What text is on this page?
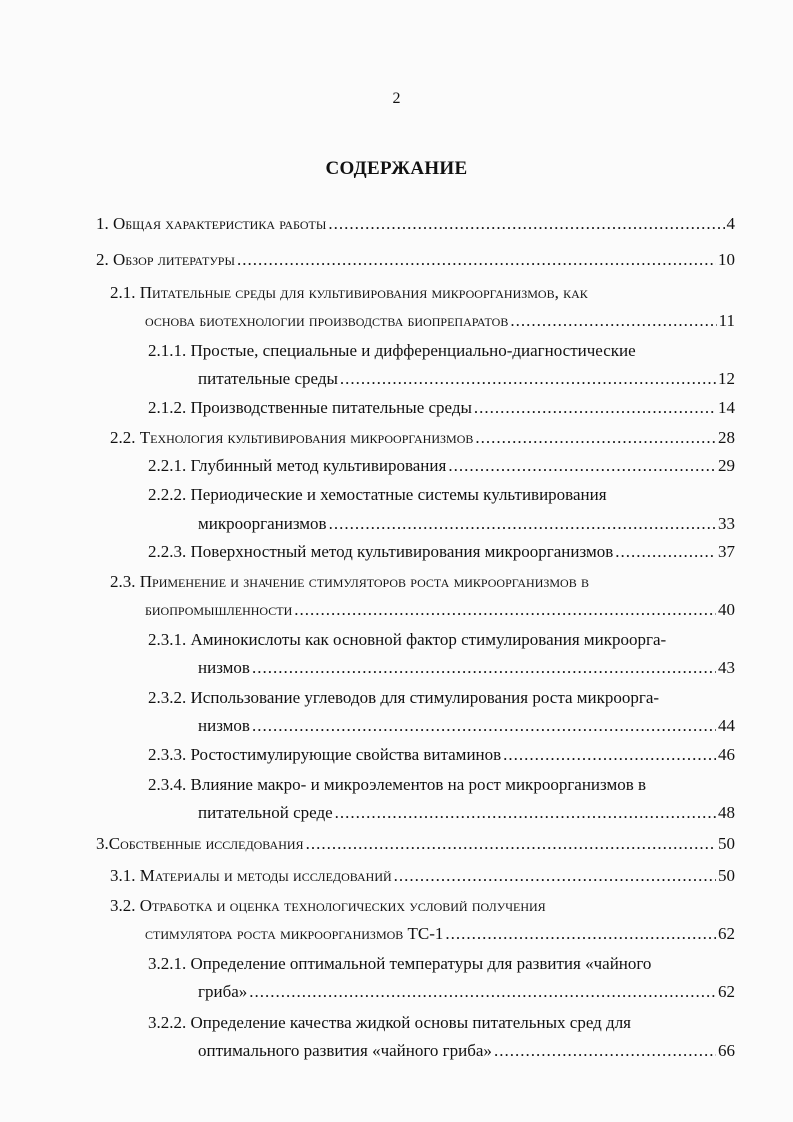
2
СОДЕРЖАНИЕ
1. Общая характеристика работы .....	4
2. Обзор литературы .....	10
2.1. Питательные среды для культивирования микроорганизмов, как
основа биотехнологии производства биопрепаратов .....	11
2.1.1. Простые, специальные и дифференциально-диагностические
питательные среды .....	12
2.1.2. Производственные питательные среды .....	14
2.2. Технология культивирования микроорганизмов .....	28
2.2.1. Глубинный метод культивирования .....	29
2.2.2. Периодические и хемостатные системы культивирования
микроорганизмов .....	33
2.2.3. Поверхностный метод культивирования микроорганизмов .....	37
2.3. Применение и значение стимуляторов роста микроорганизмов в
биопромышленности .....	40
2.3.1. Аминокислоты как основной фактор стимулирования микроорга-
низмов .....	43
2.3.2. Использование углеводов для стимулирования роста микроорга-
низмов .....	44
2.3.3. Ростостимулирующие свойства витаминов .....	46
2.3.4. Влияние макро- и микроэлементов на рост микроорганизмов в
питательной среде .....	48
3.Собственные исследования .....	50
3.1. Материалы и методы исследований .....	50
3.2. Отработка и оценка технологических условий получения
стимулятора роста микроорганизмов ТС-1 .....	62
3.2.1. Определение оптимальной температуры для развития «чайного
гриба» .....	62
3.2.2. Определение качества жидкой основы питательных сред для
оптимального развития «чайного гриба» .....	66
